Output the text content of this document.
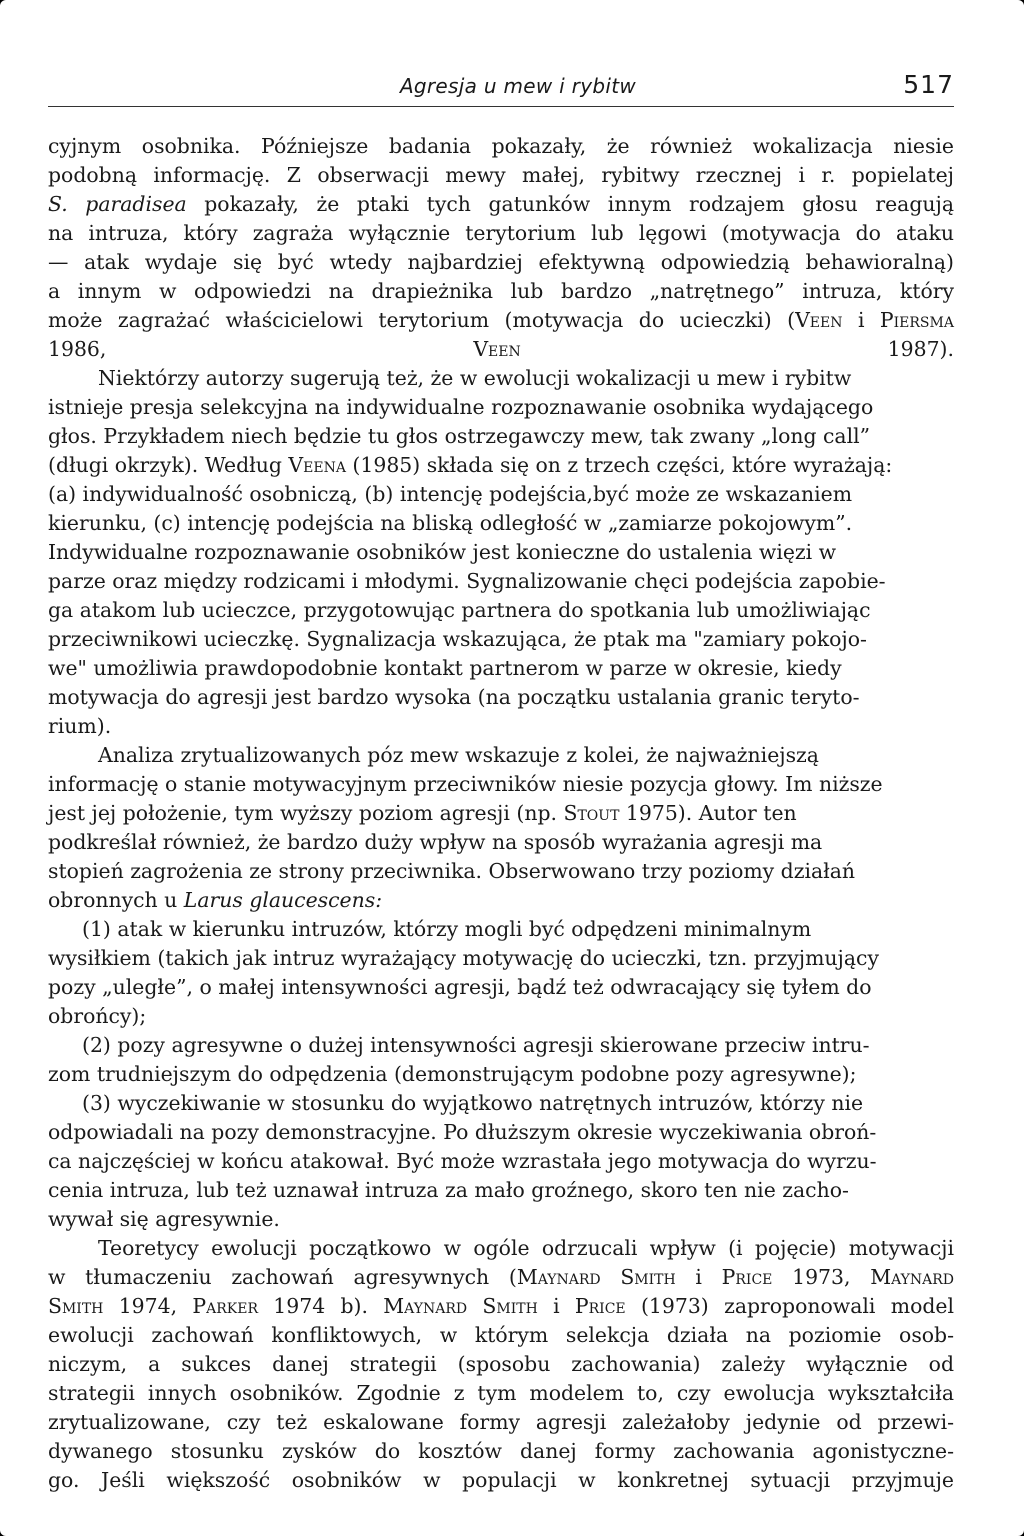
Agresja u mew i rybitw	517

cyjnym osobnika. Późniejsze badania pokazały, że również wokalizacja niesie
podobną informację. Z obserwacji mewy małej, rybitwy rzecznej i r. popielatej
S. paradisea pokazały, że ptaki tych gatunków innym rodzajem głosu reagują
na intruza, który zagraża wyłącznie terytorium lub lęgowi (motywacja do ataku
— atak wydaje się być wtedy najbardziej efektywną odpowiedzią behawioralną)
a innym w odpowiedzi na drapieżnika lub bardzo „natrętnego” intruza, który
może zagrażać właścicielowi terytorium (motywacja do ucieczki) (Veen i Piersma
1986, Veen 1987).

Niektórzy autorzy sugerują też, że w ewolucji wokalizacji u mew i rybitw
istnieje presja selekcyjna na indywidualne rozpoznawanie osobnika wydającego
głos. Przykładem niech będzie tu głos ostrzegawczy mew, tak zwany „long call”
(długi okrzyk). Według Veena (1985) składa się on z trzech części, które wyrażają:
(a) indywidualność osobniczą, (b) intencję podejścia,być może ze wskazaniem
kierunku, (c) intencję podejścia na bliską odległość w „zamiarze pokojowym”.
Indywidualne rozpoznawanie osobników jest konieczne do ustalenia więzi w
parze oraz między rodzicami i młodymi. Sygnalizowanie chęci podejścia zapobie-
ga atakom lub ucieczce, przygotowując partnera do spotkania lub umożliwiając
przeciwnikowi ucieczkę. Sygnalizacja wskazująca, że ptak ma "zamiary pokojo-
we" umożliwia prawdopodobnie kontakt partnerom w parze w okresie, kiedy
motywacja do agresji jest bardzo wysoka (na początku ustalania granic teryto-
rium).

Analiza zrytualizowanych póz mew wskazuje z kolei, że najważniejszą
informację o stanie motywacyjnym przeciwników niesie pozycja głowy. Im niższe
jest jej położenie, tym wyższy poziom agresji (np. Stout 1975). Autor ten
podkreślał również, że bardzo duży wpływ na sposób wyrażania agresji ma
stopień zagrożenia ze strony przeciwnika. Obserwowano trzy poziomy działań
obronnych u Larus glaucescens:

(1) atak w kierunku intruzów, którzy mogli być odpędzeni minimalnym
wysiłkiem (takich jak intruz wyrażający motywację do ucieczki, tzn. przyjmujący
pozy „uległe”, o małej intensywności agresji, bądź też odwracający się tyłem do
obrońcy);

(2) pozy agresywne o dużej intensywności agresji skierowane przeciw intru-
zom trudniejszym do odpędzenia (demonstrującym podobne pozy agresywne);

(3) wyczekiwanie w stosunku do wyjątkowo natrętnych intruzów, którzy nie
odpowiadali na pozy demonstracyjne. Po dłuższym okresie wyczekiwania obroń-
ca najczęściej w końcu atakował. Być może wzrastała jego motywacja do wyrzu-
cenia intruza, lub też uznawał intruza za mało groźnego, skoro ten nie zacho-
wywał się agresywnie.

Teoretycy ewolucji początkowo w ogóle odrzucali wpływ (i pojęcie) motywacji
w tłumaczeniu zachowań agresywnych (Maynard Smith i Price 1973, Maynard
Smith 1974, Parker 1974 b). Maynard Smith i Price (1973) zaproponowali model
ewolucji zachowań konfliktowych, w którym selekcja działa na poziomie osob-
niczym, a sukces danej strategii (sposobu zachowania) zależy wyłącznie od
strategii innych osobników. Zgodnie z tym modelem to, czy ewolucja wykształciła
zrytualizowane, czy też eskalowane formy agresji zależałoby jedynie od przewi-
dywanego stosunku zysków do kosztów danej formy zachowania agonistyczne-
go. Jeśli większość osobników w populacji w konkretnej sytuacji przyjmuje
